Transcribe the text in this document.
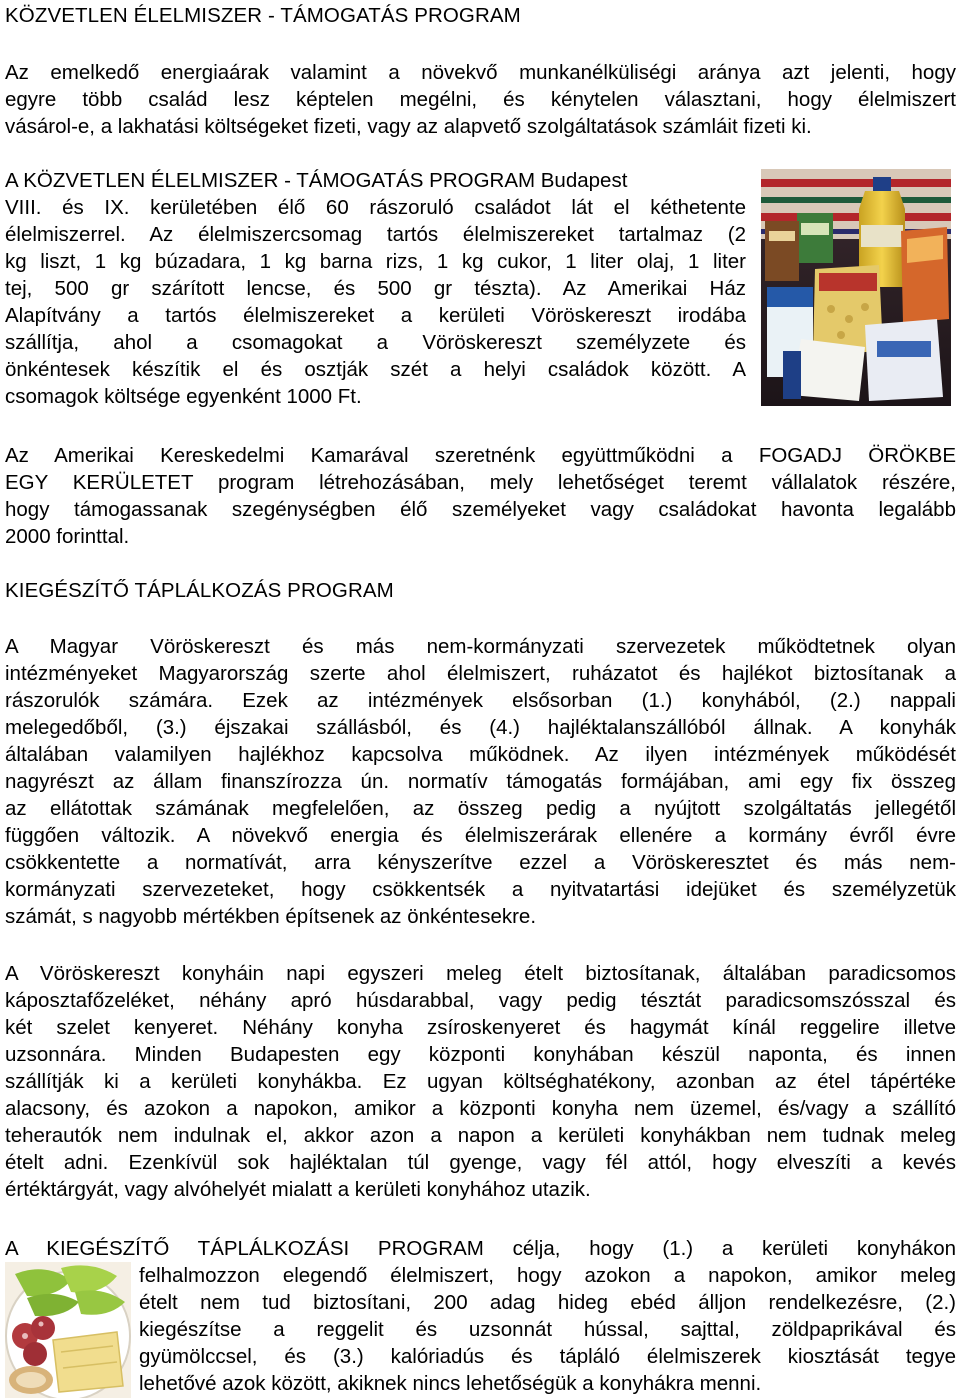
KÖZVETLEN ÉLELMISZER - TÁMOGATÁS PROGRAM
Az emelkedő energiaárak valamint a növekvő munkanélküliségi aránya azt jelenti, hogy
egyre több család lesz képtelen megélni, és kénytelen választani, hogy élelmiszert
vásárol-e, a lakhatási költségeket fizeti, vagy az alapvető szolgáltatások számláit fizeti ki.
A KÖZVETLEN ÉLELMISZER - TÁMOGATÁS PROGRAM Budapest
VIII. és IX. kerületében élő 60 rászoruló családot lát el kéthetente
élelmiszerrel. Az élelmiszercsomag tartós élelmiszereket tartalmaz (2
kg liszt, 1 kg búzadara, 1 kg barna rizs, 1 kg cukor, 1 liter olaj, 1 liter
tej, 500 gr szárított lencse, és 500 gr tészta). Az Amerikai Ház
Alapítvány a tartós élelmiszereket a kerületi Vöröskereszt irodába
szállítja, ahol a csomagokat a Vöröskereszt személyzete és
önkéntesek készítik el és osztják szét a helyi családok között. A
csomagok költsége egyenként 1000 Ft.
Az Amerikai Kereskedelmi Kamarával szeretnénk együttműködni a FOGADJ ÖRÖKBE
EGY KERÜLETET program létrehozásában, mely lehetőséget teremt vállalatok részére,
hogy támogassanak szegénységben élő személyeket vagy családokat havonta legalább
2000 forinttal.
KIEGÉSZÍTŐ TÁPLÁLKOZÁS PROGRAM
A Magyar Vöröskereszt és más nem-kormányzati szervezetek működtetnek olyan
intézményeket Magyarország szerte ahol élelmiszert, ruházatot és hajlékot biztosítanak a
rászorulók számára. Ezek az intézmények elsősorban (1.) konyhából, (2.) nappali
melegedőből, (3.) éjszakai szállásból, és (4.) hajléktalanszállóból állnak. A konyhák
általában valamilyen hajlékhoz kapcsolva működnek. Az ilyen intézmények működését
nagyrészt az állam finanszírozza ún. normatív támogatás formájában, ami egy fix összeg
az ellátottak számának megfelelően, az összeg pedig a nyújtott szolgáltatás jellegétől
függően változik. A növekvő energia és élelmiszerárak ellenére a kormány évről évre
csökkentette a normatívát, arra kényszerítve ezzel a Vöröskeresztet és más nem-
kormányzati szervezeteket, hogy csökkentsék a nyitvatartási idejüket és személyzetük
számát, s nagyobb mértékben építsenek az önkéntesekre.
A Vöröskereszt konyháin napi egyszeri meleg ételt biztosítanak, általában paradicsomos
káposztafőzeléket, néhány apró húsdarabbal, vagy pedig tésztát paradicsomszósszal és
két szelet kenyeret. Néhány konyha zsíroskenyeret és hagymát kínál reggelire illetve
uzsonnára. Minden Budapesten egy központi konyhában készül naponta, és innen
szállítják ki a kerületi konyhákba. Ez ugyan költséghatékony, azonban az étel tápértéke
alacsony, és azokon a napokon, amikor a központi konyha nem üzemel, és/vagy a szállító
teherautók nem indulnak el, akkor azon a napon a kerületi konyhákban nem tudnak meleg
ételt adni. Ezenkívül sok hajléktalan túl gyenge, vagy fél attól, hogy elveszíti a kevés
értéktárgyát, vagy alvóhelyét mialatt a kerületi konyhához utazik.
A KIEGÉSZÍTŐ TÁPLÁLKOZÁSI PROGRAM célja, hogy (1.) a kerületi konyhákon
felhalmozzon elegendő élelmiszert, hogy azokon a napokon, amikor meleg
ételt nem tud biztosítani, 200 adag hideg ebéd álljon rendelkezésre, (2.)
kiegészítse a reggelit és uzsonnát hússal, sajttal, zöldpaprikával és
gyümölccsel, és (3.) kalóriadús és tápláló élelmiszerek kiosztását tegye
lehetővé azok között, akiknek nincs lehetőségük a konyhákra menni.
